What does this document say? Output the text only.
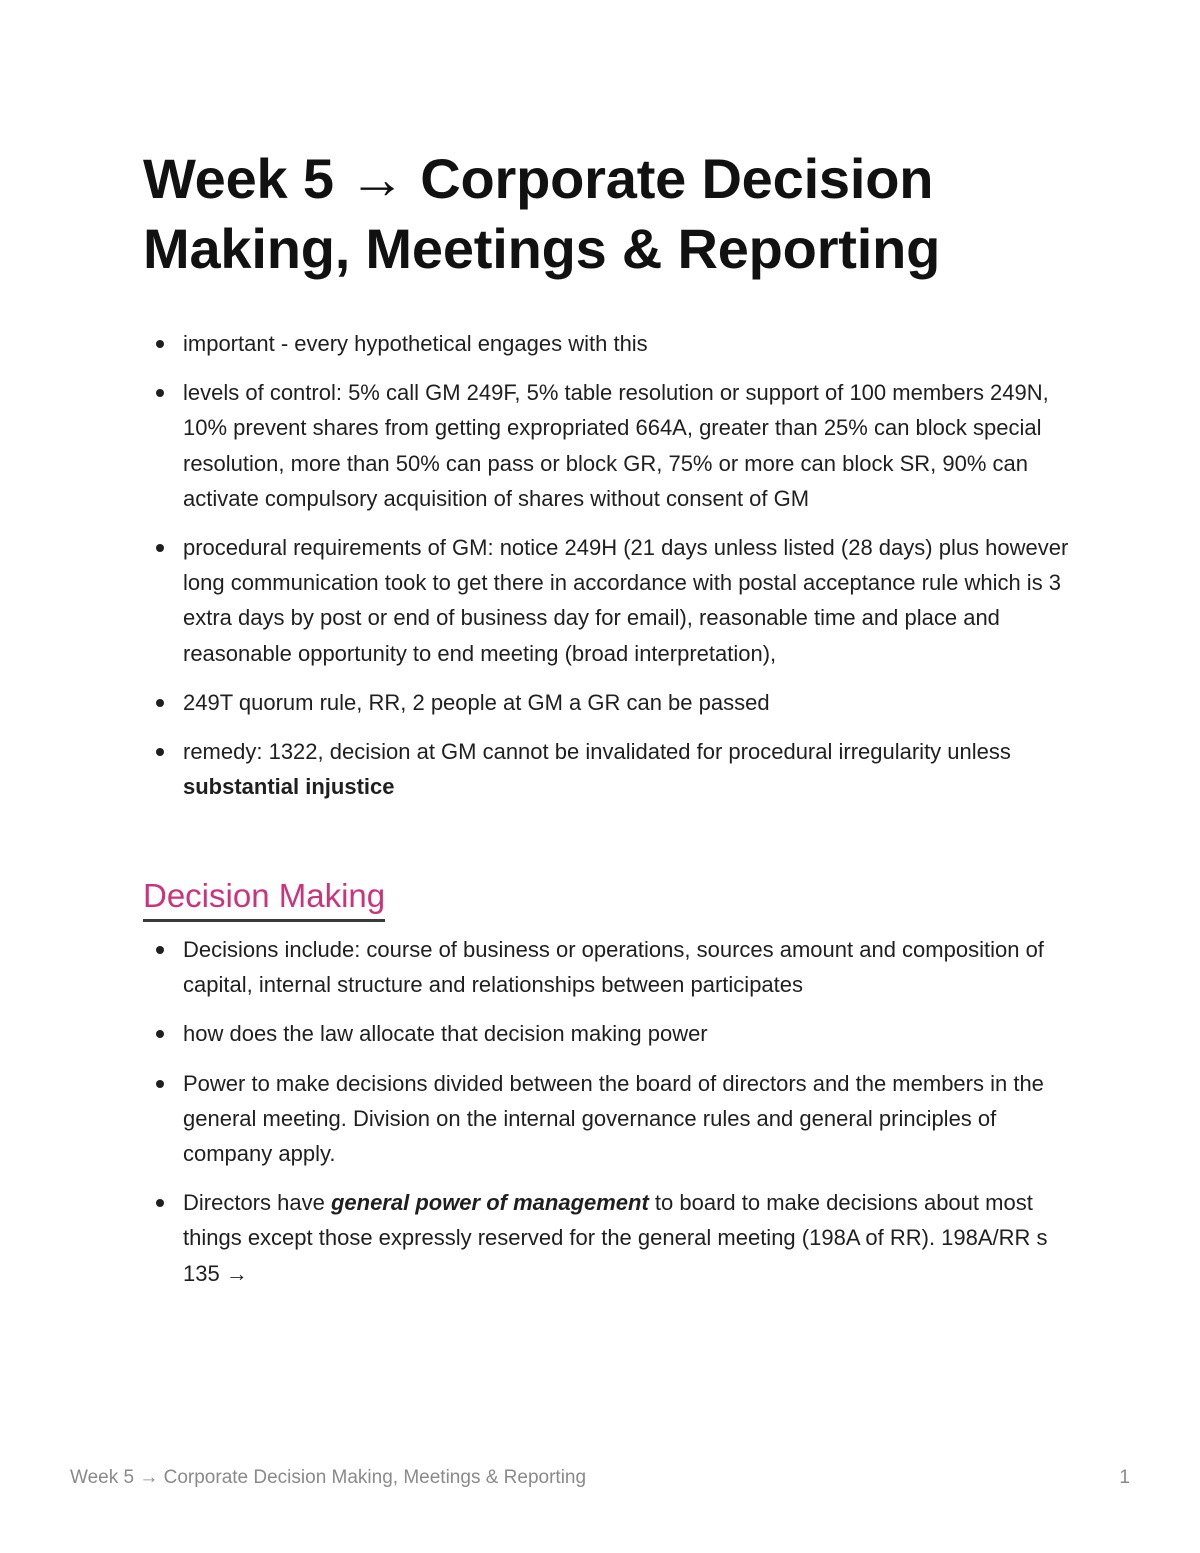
Week 5 → Corporate Decision Making, Meetings & Reporting
important - every hypothetical engages with this
levels of control: 5% call GM 249F, 5% table resolution or support of 100 members 249N, 10% prevent shares from getting expropriated 664A, greater than 25% can block special resolution, more than 50% can pass or block GR, 75% or more can block SR, 90% can activate compulsory acquisition of shares without consent of GM
procedural requirements of GM: notice 249H (21 days unless listed (28 days) plus however long communication took to get there in accordance with postal acceptance rule which is 3 extra days by post or end of business day for email), reasonable time and place and reasonable opportunity to end meeting (broad interpretation),
249T quorum rule, RR, 2 people at GM a GR can be passed
remedy: 1322, decision at GM cannot be invalidated for procedural irregularity unless substantial injustice
Decision Making
Decisions include: course of business or operations, sources amount and composition of capital, internal structure and relationships between participates
how does the law allocate that decision making power
Power to make decisions divided between the board of directors and the members in the general meeting. Division on the internal governance rules and general principles of company apply.
Directors have general power of management to board to make decisions about most things except those expressly reserved for the general meeting (198A of RR). 198A/RR s 135 →
Week 5 → Corporate Decision Making, Meetings & Reporting	1
